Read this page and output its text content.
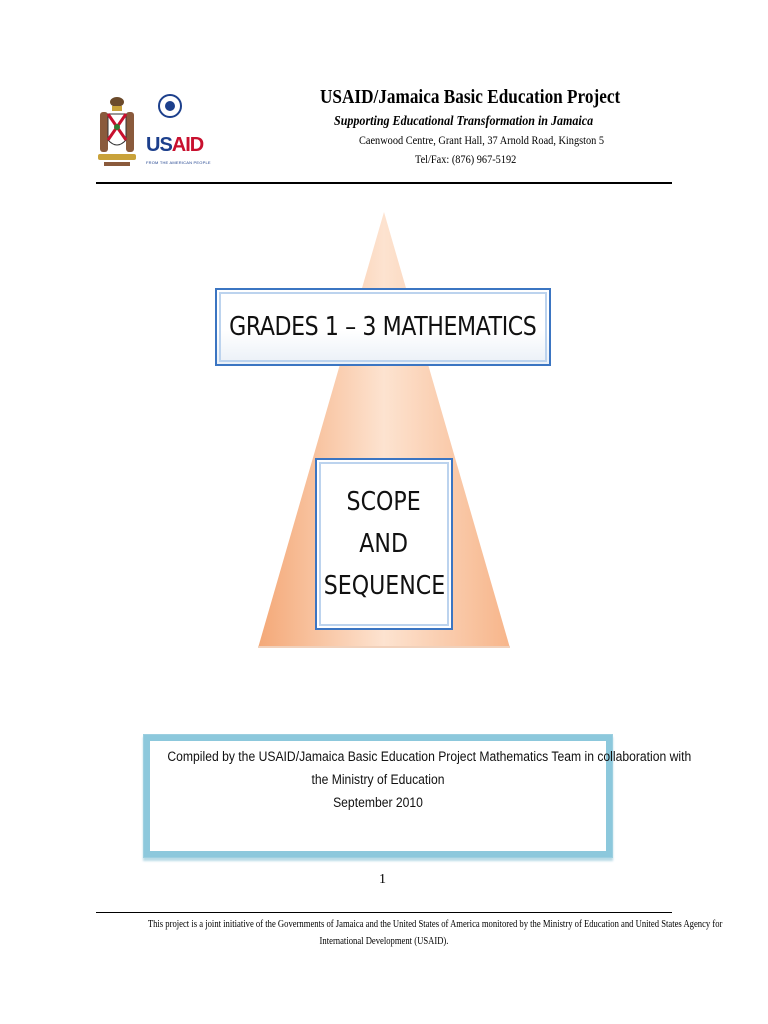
USAID
FROM THE AMERICAN PEOPLE
USAID/Jamaica Basic Education Project
Supporting Educational Transformation in Jamaica
Caenwood Centre, Grant Hall, 37 Arnold Road, Kingston 5
Tel/Fax: (876) 967-5192
GRADES 1 – 3 MATHEMATICS
SCOPE
AND
SEQUENCE
Compiled by the USAID/Jamaica Basic Education Project Mathematics Team in collaboration with
the Ministry of Education
September 2010
1
This project is a joint initiative of the Governments of Jamaica and the United States of America monitored by the Ministry of Education and United States Agency for
International Development (USAID).
